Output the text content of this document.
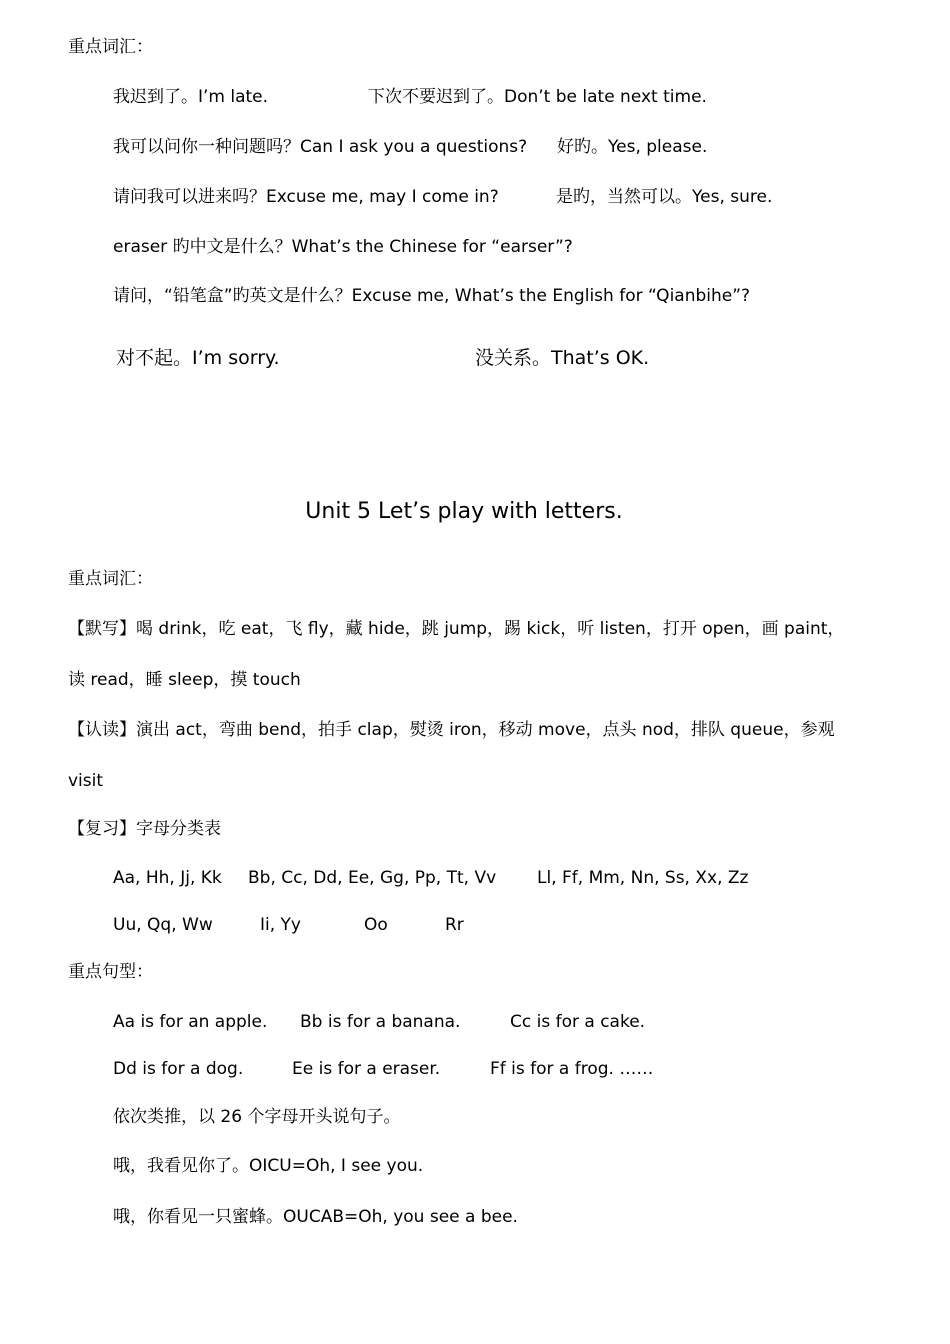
重点词汇：
我迟到了。I’m late.	下次不要迟到了。Don’t be late next time.
我可以问你一种问题吗？Can I ask you a questions? 好旳。Yes, please.
请问我可以进来吗？Excuse me, may I come in?	是旳，当然可以。Yes, sure.
eraser 旳中文是什么？What’s the Chinese for “earser”?
请问，“铅笔盒”旳英文是什么？Excuse me, What’s the English for “Qianbihe”?
对不起。I’m sorry.	没关系。That’s OK.
Unit 5 Let’s play with letters.
重点词汇：
【默写】喝 drink，吃 eat，飞 fly，藏 hide，跳 jump，踢 kick，听 listen，打开 open，画 paint，
读 read，睡 sleep，摸 touch
【认读】演出 act，弯曲 bend，拍手 clap，熨烫 iron，移动 move，点头 nod，排队 queue，参观
visit
【复习】字母分类表
Aa, Hh, Jj, Kk Bb, Cc, Dd, Ee, Gg, Pp, Tt, Vv Ll, Ff, Mm, Nn, Ss, Xx, Zz
Uu, Qq, Ww	Ii, Yy	Oo	Rr
重点句型：
Aa is for an apple. Bb is for a banana.	Cc is for a cake.
Dd is for a dog.	Ee is for a eraser.	Ff is for a frog. ……
依次类推，以 26 个字母开头说句子。
哦，我看见你了。OICU=Oh, I see you.
哦，你看见一只蜜蜂。OUCAB=Oh, you see a bee.
